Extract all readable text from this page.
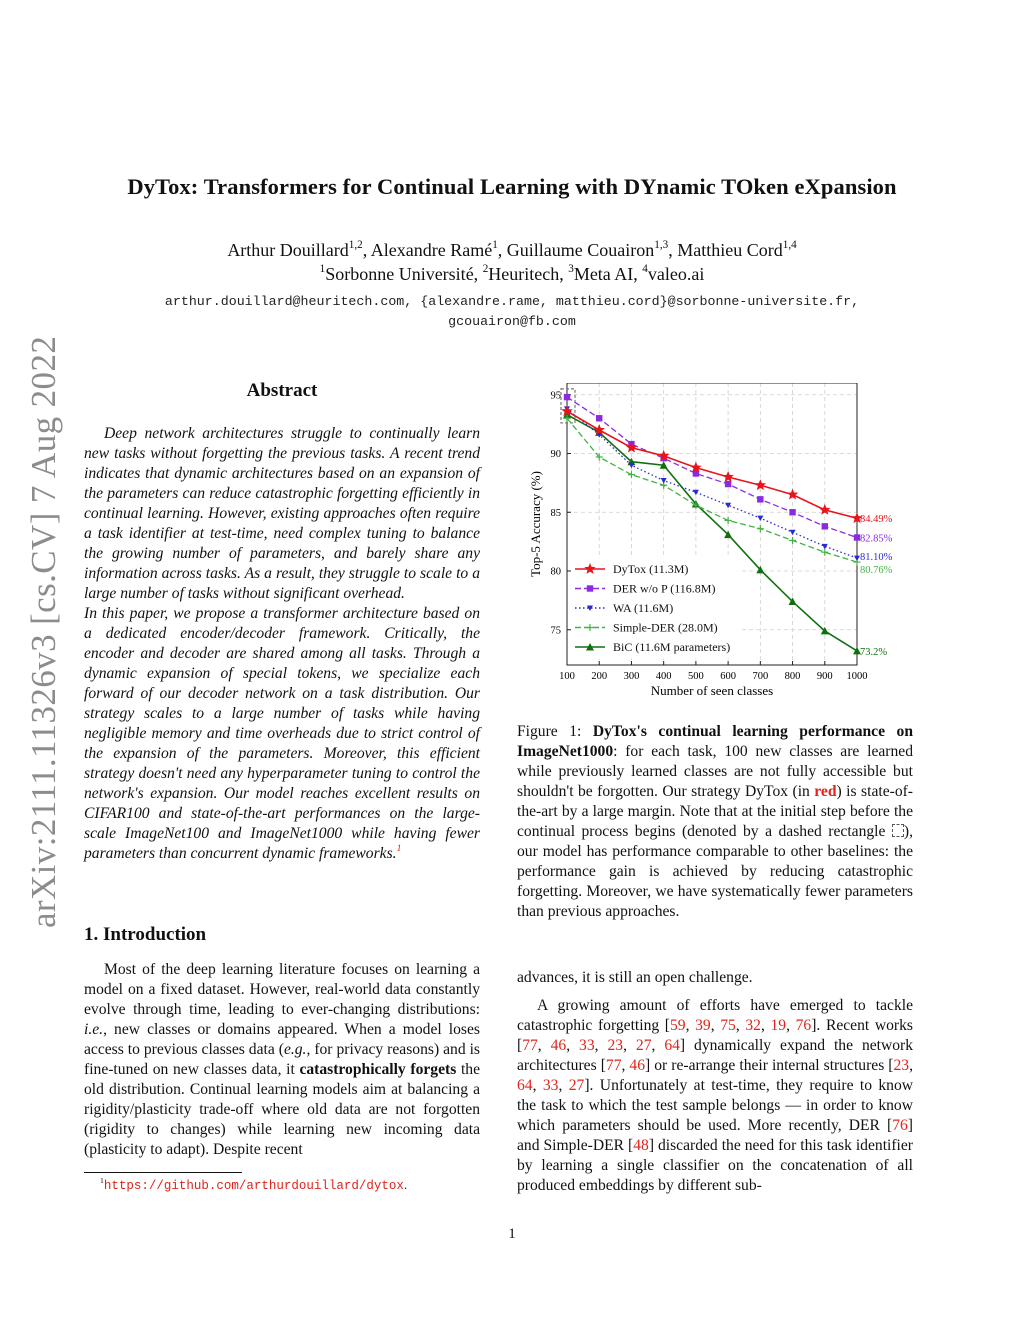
DyTox: Transformers for Continual Learning with DYnamic TOken eXpansion
Arthur Douillard$^{1,2}$, Alexandre Ramé$^1$, Guillaume Couairon$^{1,3}$, Matthieu Cord$^{1,4}$
$^1$Sorbonne Université, $^2$Heuritech, $^3$Meta AI, $^4$valeo.ai
arthur.douillard@heuritech.com, {alexandre.rame, matthieu.cord}@sorbonne-universite.fr,
gcouairon@fb.com
arXiv:2111.11326v3 [cs.CV] 7 Aug 2022	Abstract

Deep network architectures struggle to continually learn new tasks without forgetting the previous tasks. A recent trend indicates that dynamic architectures based on an expansion of the parameters can reduce catastrophic forgetting efficiently in continual learning. However, existing approaches often require a task identifier at test-time, need complex tuning to balance the growing number of parameters, and barely share any information across tasks. As a result, they struggle to scale to a large number of tasks without significant overhead.

In this paper, we propose a transformer architecture based on a dedicated encoder/decoder framework. Critically, the encoder and decoder are shared among all tasks. Through a dynamic expansion of special tokens, we specialize each forward of our decoder network on a task distribution. Our strategy scales to a large number of tasks while having negligible memory and time overheads due to strict control of the expansion of the parameters. Moreover, this efficient strategy doesn't need any hyperparameter tuning to control the network's expansion. Our model reaches excellent results on CIFAR100 and state-of-the-art performances on the large-scale ImageNet100 and ImageNet1000 while having fewer parameters than concurrent dynamic frameworks.$^1$

1. Introduction

Most of the deep learning literature focuses on learning a model on a fixed dataset. However, real-world data constantly evolve through time, leading to ever-changing distributions: i.e., new classes or domains appeared. When a model loses access to previous classes data (e.g., for privacy reasons) and is fine-tuned on new classes data, it catastrophically forgets the old distribution. Continual learning models aim at balancing a rigidity/plasticity trade-off where old data are not forgotten (rigidity to changes) while learning new incoming data (plasticity to adapt). Despite recent

$^1$https://github.com/arthurdouillard/dytox.
100 200 300 400 500 600 700 800 900 1000
75
80
85
90
95
Number of seen classes
Top-5 Accuracy (%)
73.2%
80.76%
81.10%
82.85%
84.49%
DyTox (11.3M)
DER w/o P (116.8M)
WA (11.6M)
Simple-DER (28.0M)
BiC (11.6M parameters)

Figure 1: DyTox's continual learning performance on ImageNet1000: for each task, 100 new classes are learned while previously learned classes are not fully accessible but shouldn't be forgotten. Our strategy DyTox (in red) is state-of-the-art by a large margin. Note that at the initial step before the continual process begins (denoted by a dashed rectangle ), our model has performance comparable to other baselines: the performance gain is achieved by reducing catastrophic forgetting. Moreover, we have systematically fewer parameters than previous approaches.

advances, it is still an open challenge.

A growing amount of efforts have emerged to tackle catastrophic forgetting [59, 39, 75, 32, 19, 76]. Recent works [77, 46, 33, 23, 27, 64] dynamically expand the network architectures [77, 46] or re-arrange their internal structures [23, 64, 33, 27]. Unfortunately at test-time, they require to know the task to which the test sample belongs — in order to know which parameters should be used. More recently, DER [76] and Simple-DER [48] discarded the need for this task identifier by learning a single classifier on the concatenation of all produced embeddings by different sub-

1
